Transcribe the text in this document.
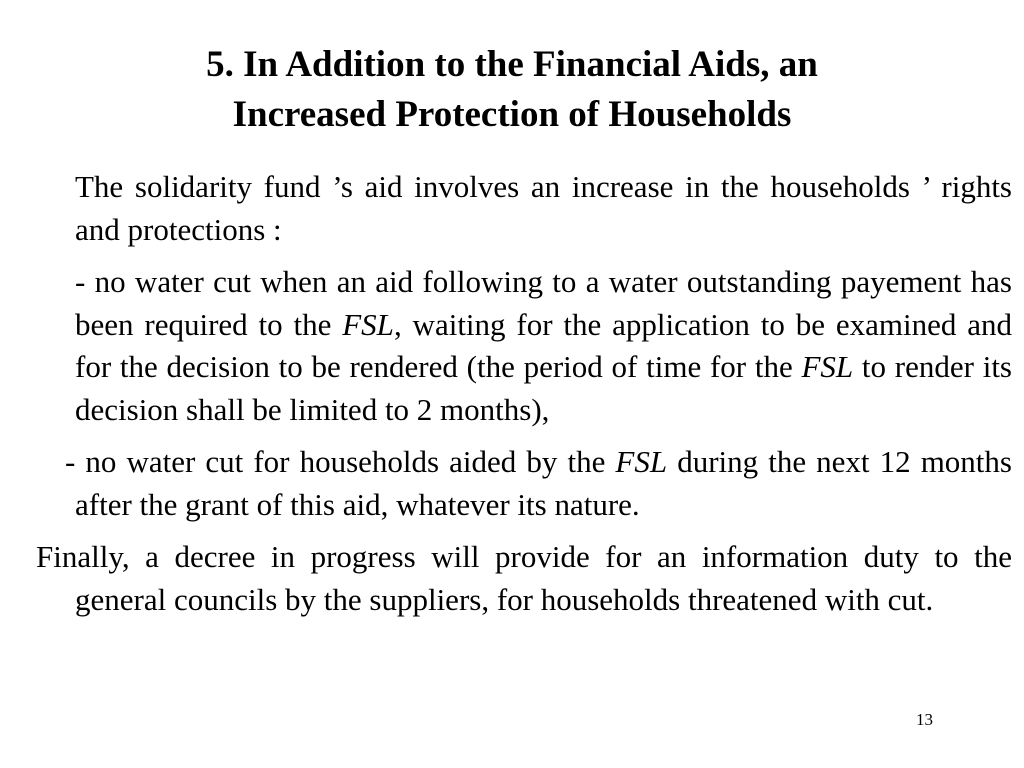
5. In Addition to the Financial Aids, an
Increased Protection of Households

The solidarity fund ’s aid involves an increase in the households ’ rights and protections :

- no water cut when an aid following to a water outstanding payement has been required to the FSL, waiting for the application to be examined and for the decision to be rendered (the period of time for the FSL to render its decision shall be limited to 2 months),

- no water cut for households aided by the FSL during the next 12 months after the grant of this aid, whatever its nature.

Finally, a decree in progress will provide for an information duty to the general councils by the suppliers, for households threatened with cut.

13
